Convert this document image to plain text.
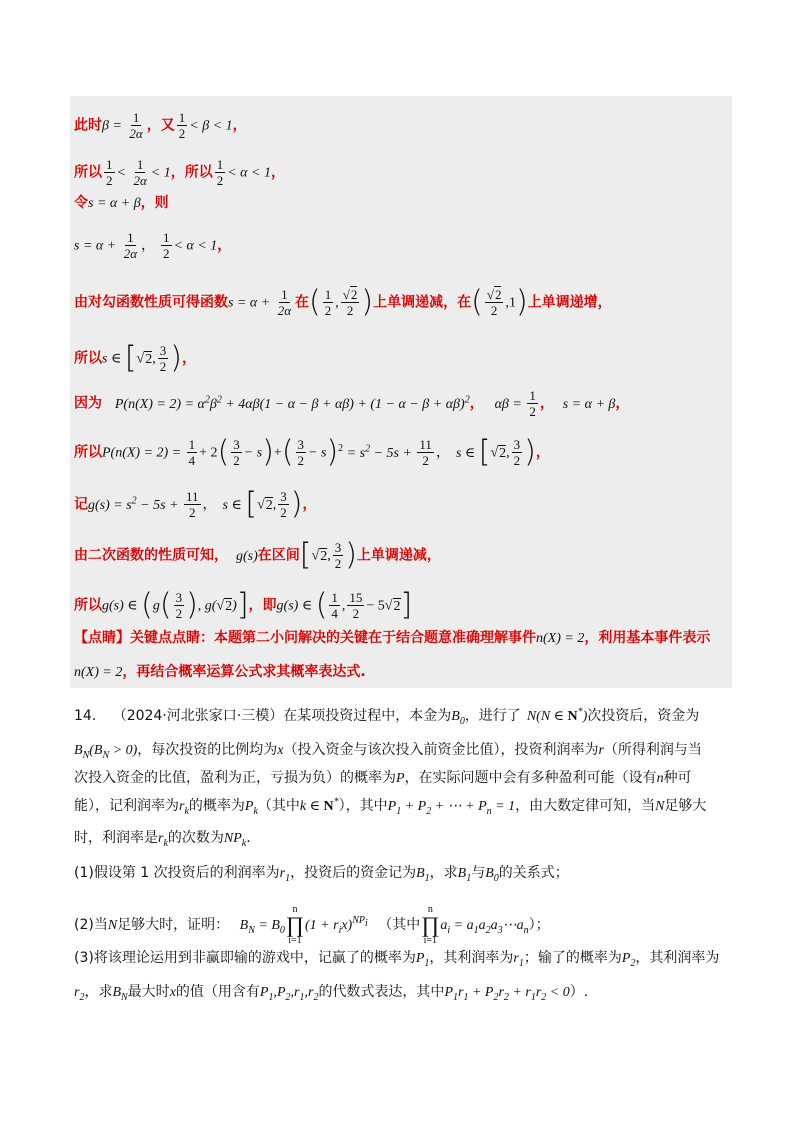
此时$\beta = \frac{1}{2\alpha}$ ，又 $\frac{1}{2} < \beta < 1$，
所以 $\frac{1}{2} < \frac{1}{2\alpha} < 1$，所以 $\frac{1}{2} < \alpha < 1$，
令s = α + β，则
$s = \alpha + \frac{1}{2\alpha}$ ， $\frac{1}{2} < \alpha < 1$，
由对勾函数性质可得函数$s = \alpha + \frac{1}{2\alpha}$ 在( $\frac{1}{2}$ , $\frac{√2}{2}$ )上单调递减，在( $\frac{√2}{2} ,1$)上单调递增，
所以s ∈ [√2, $\frac{3}{2}$ )，
因为 $P(n(X) = 2) = \alpha^2\beta^2 + 4\alpha\beta(1 - \alpha - \beta + \alpha\beta) + (1 - \alpha - \beta + \alpha\beta)^2$， $\alpha\beta = \frac{1}{2}$ ， s = α + β，
所以$P(n(X) = 2) = \frac{1}{4} + 2( \frac{3}{2} - s)+( \frac{3}{2} - s)^2 = s^2 - 5s + \frac{11}{2}$ ， s ∈ [√2, $\frac{3}{2}$ )，
记$g(s) = s^2 - 5s + \frac{11}{2}$ ， s ∈ [√2, $\frac{3}{2}$ )，
由二次函数的性质可知， g(s)在区间[√2, $\frac{3}{2}$ )上单调递减，
所以g(s) ∈ ($g( \frac{3}{2}$ ), g(√2)]，即g(s) ∈ ( $\frac{1}{4}$ , $\frac{15}{2} - 5√2$]
【点睛】关键点点睛：本题第二小问解决的关键在于结合题意准确理解事件n(X) = 2，利用基本事件表示
n(X) = 2，再结合概率运算公式求其概率表达式.
14. （2024·河北张家口·三模）在某项投资过程中，本金为$B_0$，进行了 N(N ∈ N*)次投资后，资金为
$B_N(B_N > 0)$，每次投资的比例均为x（投入资金与该次投入前资金比值），投资利润率为r（所得利润与当
次投入资金的比值，盈利为正，亏损为负）的概率为P，在实际问题中会有多种盈利可能（设有n种可
能），记利润率为$r_k$的概率为$P_k$（其中k ∈ N*），其中$P_1 + P_2$ + ⋯ + $P_n = 1$，由大数定律可知，当N足够大
时，利润率是$r_k$的次数为$NP_k$.
(1)假设第 1 次投资后的利润率为$r_1$，投资后的资金记为$B_1$，求$B_1$与$B_0$的关系式；
(2)当N足够大时，证明： $B_N = B_0$
n
∏
i=1
$(1 + r_ix)^{NP_i}$ （其中
n
∏
i=1
$a_i$ = $a_1a_2a_3\cdots a_n$）；
(3)将该理论运用到非赢即输的游戏中，记赢了的概率为$P_1$，其利润率为$r_1$；输了的概率为$P_2$，其利润率为
$r_2$，求$B_N$最大时x的值（用含有$P_1,P_2,r_1,r_2$的代数式表达，其中$P_1r_1 + P_2r_2 + r_1r_2 < 0$）.
